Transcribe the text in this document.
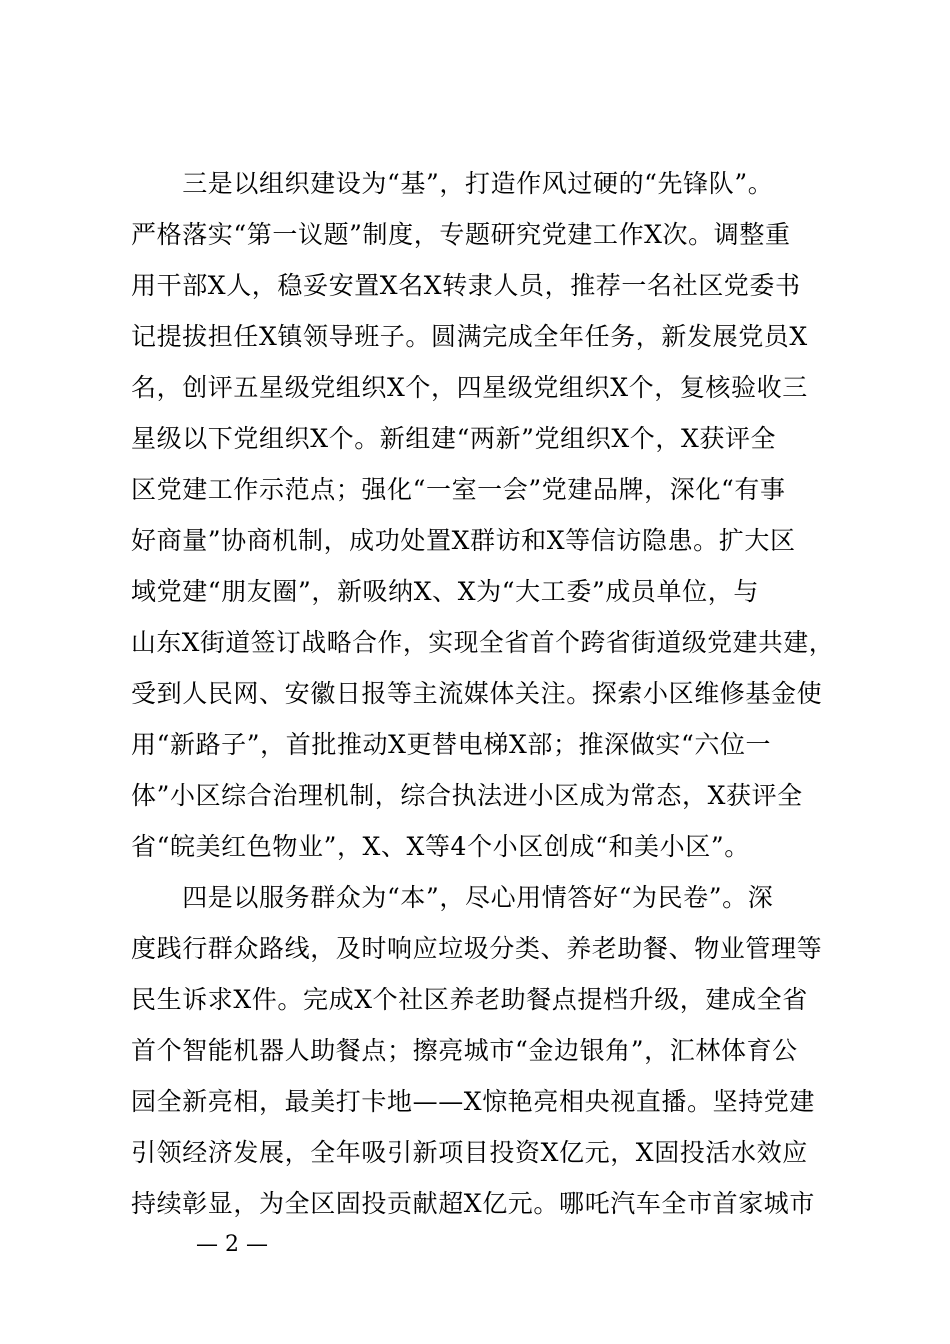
　　三是以组织建设为“基”，打造作风过硬的“先锋队”。
严格落实“第一议题”制度，专题研究党建工作X次。调整重
用干部X人，稳妥安置X名X转隶人员，推荐一名社区党委书
记提拔担任X镇领导班子。圆满完成全年任务，新发展党员X
名，创评五星级党组织X个，四星级党组织X个，复核验收三
星级以下党组织X个。新组建“两新”党组织X个，X获评全
区党建工作示范点；强化“一室一会”党建品牌，深化“有事
好商量”协商机制，成功处置X群访和X等信访隐患。扩大区
域党建“朋友圈”，新吸纳X、X为“大工委”成员单位，与
山东X街道签订战略合作，实现全省首个跨省街道级党建共建，
受到人民网、安徽日报等主流媒体关注。探索小区维修基金使
用“新路子”，首批推动X更替电梯X部；推深做实“六位一
体”小区综合治理机制，综合执法进小区成为常态，X获评全
省“皖美红色物业”，X、X等4个小区创成“和美小区”。
　　四是以服务群众为“本”，尽心用情答好“为民卷”。深
度践行群众路线，及时响应垃圾分类、养老助餐、物业管理等
民生诉求X件。完成X个社区养老助餐点提档升级，建成全省
首个智能机器人助餐点；擦亮城市“金边银角”，汇林体育公
园全新亮相，最美打卡地——X惊艳亮相央视直播。坚持党建
引领经济发展，全年吸引新项目投资X亿元，X固投活水效应
持续彰显，为全区固投贡献超X亿元。哪吒汽车全市首家城市
— 2 —
